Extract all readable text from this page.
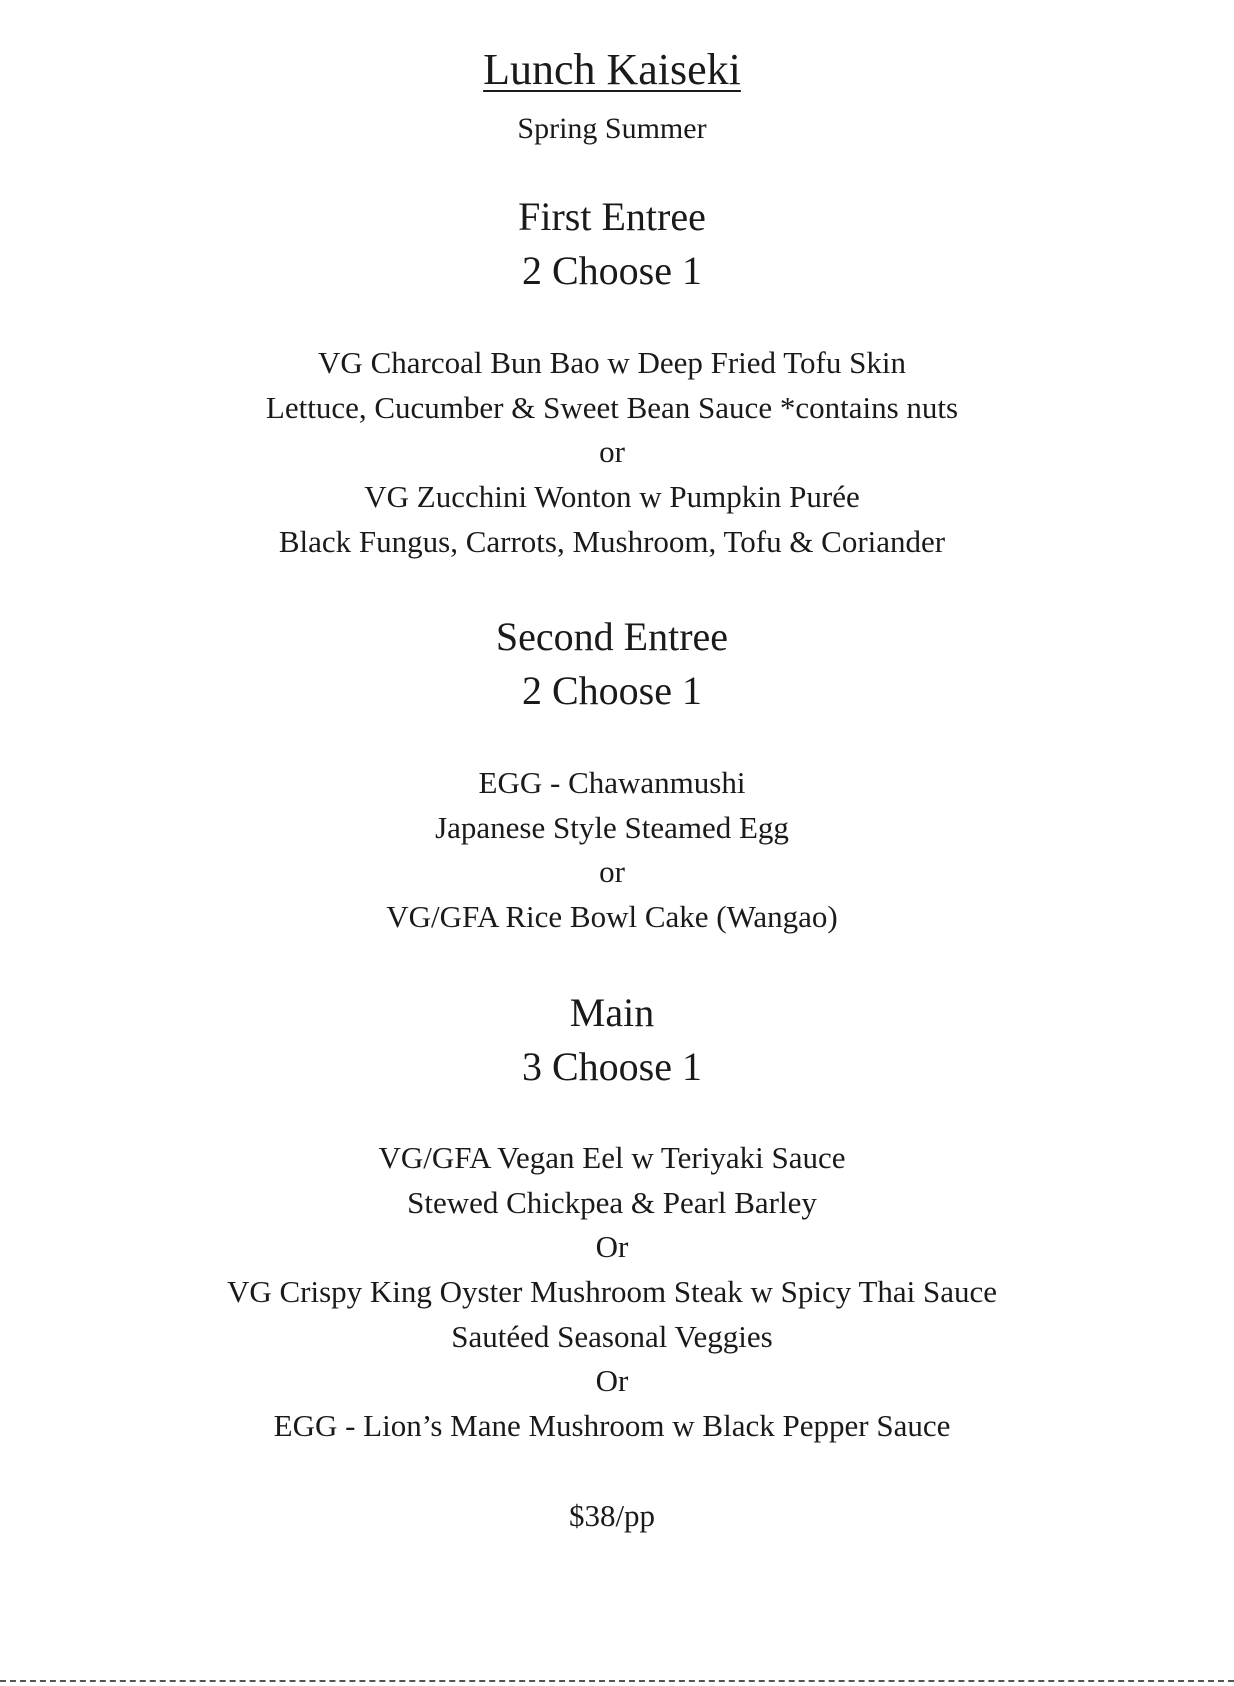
Lunch Kaiseki
Spring Summer
First Entree
2 Choose 1
VG Charcoal Bun Bao w Deep Fried Tofu Skin
Lettuce, Cucumber & Sweet Bean Sauce *contains nuts
or
VG Zucchini Wonton w Pumpkin Purée
Black Fungus, Carrots, Mushroom, Tofu & Coriander
Second Entree
2 Choose 1
EGG - Chawanmushi
Japanese Style Steamed Egg
or
VG/GFA Rice Bowl Cake (Wangao)
Main
3 Choose 1
VG/GFA Vegan Eel w Teriyaki Sauce
Stewed Chickpea & Pearl Barley
Or
VG Crispy King Oyster Mushroom Steak w Spicy Thai Sauce
Sautéed Seasonal Veggies
Or
EGG - Lion’s Mane Mushroom w Black Pepper Sauce
$38/pp
